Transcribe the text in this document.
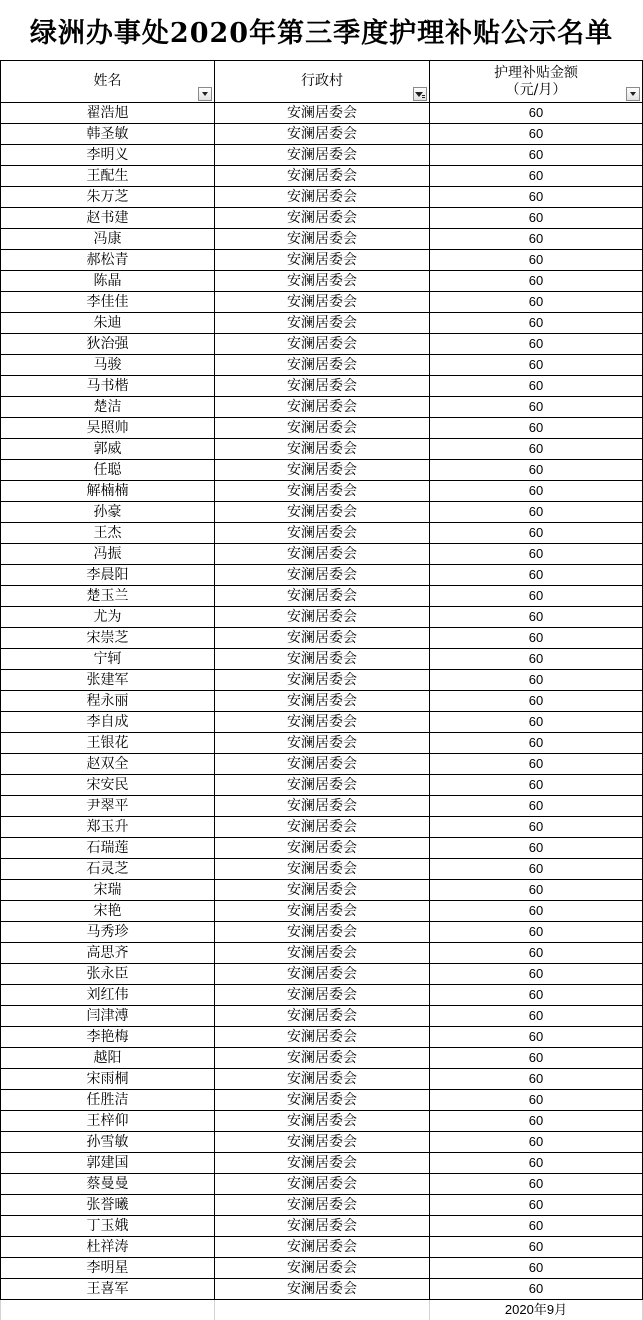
绿洲办事处2020年第三季度护理补贴公示名单
姓名	行政村	护理补贴金额
（元/月）

翟浩旭	安澜居委会	60
韩圣敏	安澜居委会	60
李明义	安澜居委会	60
王配生	安澜居委会	60
朱万芝	安澜居委会	60
赵书建	安澜居委会	60
冯康	安澜居委会	60
郝松青	安澜居委会	60
陈晶	安澜居委会	60
李佳佳	安澜居委会	60
朱迪	安澜居委会	60
狄治强	安澜居委会	60
马骏	安澜居委会	60
马书楷	安澜居委会	60
楚洁	安澜居委会	60
吴照帅	安澜居委会	60
郭威	安澜居委会	60
任聪	安澜居委会	60
解楠楠	安澜居委会	60
孙豪	安澜居委会	60
王杰	安澜居委会	60
冯振	安澜居委会	60
李晨阳	安澜居委会	60
楚玉兰	安澜居委会	60
尤为	安澜居委会	60
宋崇芝	安澜居委会	60
宁轲	安澜居委会	60
张建军	安澜居委会	60
程永丽	安澜居委会	60
李自成	安澜居委会	60
王银花	安澜居委会	60
赵双全	安澜居委会	60
宋安民	安澜居委会	60
尹翠平	安澜居委会	60
郑玉升	安澜居委会	60
石瑞莲	安澜居委会	60
石灵芝	安澜居委会	60
宋瑞	安澜居委会	60
宋艳	安澜居委会	60
马秀珍	安澜居委会	60
高思齐	安澜居委会	60
张永臣	安澜居委会	60
刘红伟	安澜居委会	60
闫津溥	安澜居委会	60
李艳梅	安澜居委会	60
越阳	安澜居委会	60
宋雨桐	安澜居委会	60
任胜洁	安澜居委会	60
王梓仰	安澜居委会	60
孙雪敏	安澜居委会	60
郭建国	安澜居委会	60
蔡曼曼	安澜居委会	60
张誉曦	安澜居委会	60
丁玉娥	安澜居委会	60
杜祥涛	安澜居委会	60
李明星	安澜居委会	60
王喜军	安澜居委会	60
		2020年9月
